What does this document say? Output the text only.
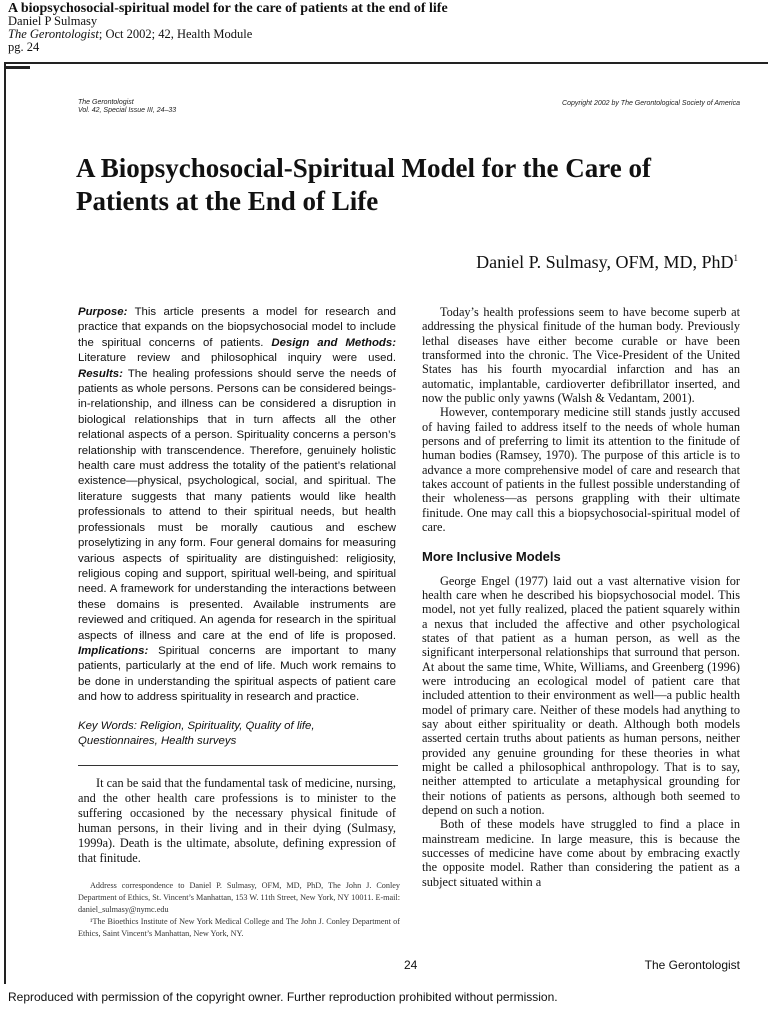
A biopsychosocial-spiritual model for the care of patients at the end of life
Daniel P Sulmasy
The Gerontologist; Oct 2002; 42, Health Module
pg. 24
The Gerontologist
Vol. 42, Special Issue III, 24–33
Copyright 2002 by The Gerontological Society of America
A Biopsychosocial-Spiritual Model for the Care of Patients at the End of Life
Daniel P. Sulmasy, OFM, MD, PhD$^1$
Purpose: This article presents a model for research and practice that expands on the biopsychosocial model to include the spiritual concerns of patients. Design and Methods: Literature review and philosophical inquiry were used. Results: The healing professions should serve the needs of patients as whole persons. Persons can be considered beings-in-relationship, and illness can be considered a disruption in biological relationships that in turn affects all the other relational aspects of a person. Spirituality concerns a person’s relationship with transcendence. Therefore, genuinely holistic health care must address the totality of the patient’s relational existence—physical, psychological, social, and spiritual. The literature suggests that many patients would like health professionals to attend to their spiritual needs, but health professionals must be morally cautious and eschew proselytizing in any form. Four general domains for measuring various aspects of spirituality are distinguished: religiosity, religious coping and support, spiritual well-being, and spiritual need. A framework for understanding the interactions between these domains is presented. Available instruments are reviewed and critiqued. An agenda for research in the spiritual aspects of illness and care at the end of life is proposed. Implications: Spiritual concerns are important to many patients, particularly at the end of life. Much work remains to be done in understanding the spiritual aspects of patient care and how to address spirituality in research and practice.
Key Words: Religion, Spirituality, Quality of life, Questionnaires, Health surveys

It can be said that the fundamental task of medicine, nursing, and the other health care professions is to minister to the suffering occasioned by the necessary physical finitude of human persons, in their living and in their dying (Sulmasy, 1999a). Death is the ultimate, absolute, defining expression of that finitude.

Address correspondence to Daniel P. Sulmasy, OFM, MD, PhD, The John J. Conley Department of Ethics, St. Vincent’s Manhattan, 153 W. 11th Street, New York, NY 10011. E-mail: daniel_sulmasy@nymc.edu

¹The Bioethics Institute of New York Medical College and The John J. Conley Department of Ethics, Saint Vincent’s Manhattan, New York, NY.

Today’s health professions seem to have become superb at addressing the physical finitude of the human body. Previously lethal diseases have either become curable or have been transformed into the chronic. The Vice-President of the United States has his fourth myocardial infarction and has an automatic, implantable, cardioverter defibrillator inserted, and now the public only yawns (Walsh & Vedantam, 2001).

However, contemporary medicine still stands justly accused of having failed to address itself to the needs of whole human persons and of preferring to limit its attention to the finitude of human bodies (Ramsey, 1970). The purpose of this article is to advance a more comprehensive model of care and research that takes account of patients in the fullest possible understanding of their wholeness—as persons grappling with their ultimate finitude. One may call this a biopsychosocial-spiritual model of care.

More Inclusive Models

George Engel (1977) laid out a vast alternative vision for health care when he described his biopsychosocial model. This model, not yet fully realized, placed the patient squarely within a nexus that included the affective and other psychological states of that patient as a human person, as well as the significant interpersonal relationships that surround that person. At about the same time, White, Williams, and Greenberg (1996) were introducing an ecological model of patient care that included attention to their environment as well—a public health model of primary care. Neither of these models had anything to say about either spirituality or death. Although both models asserted certain truths about patients as human persons, neither provided any genuine grounding for these theories in what might be called a philosophical anthropology. That is to say, neither attempted to articulate a metaphysical grounding for their notions of patients as persons, although both seemed to depend on such a notion.

Both of these models have struggled to find a place in mainstream medicine. In large measure, this is because the successes of medicine have come about by embracing exactly the opposite model. Rather than considering the patient as a subject situated within a

24	The Gerontologist
Reproduced with permission of the copyright owner. Further reproduction prohibited without permission.
